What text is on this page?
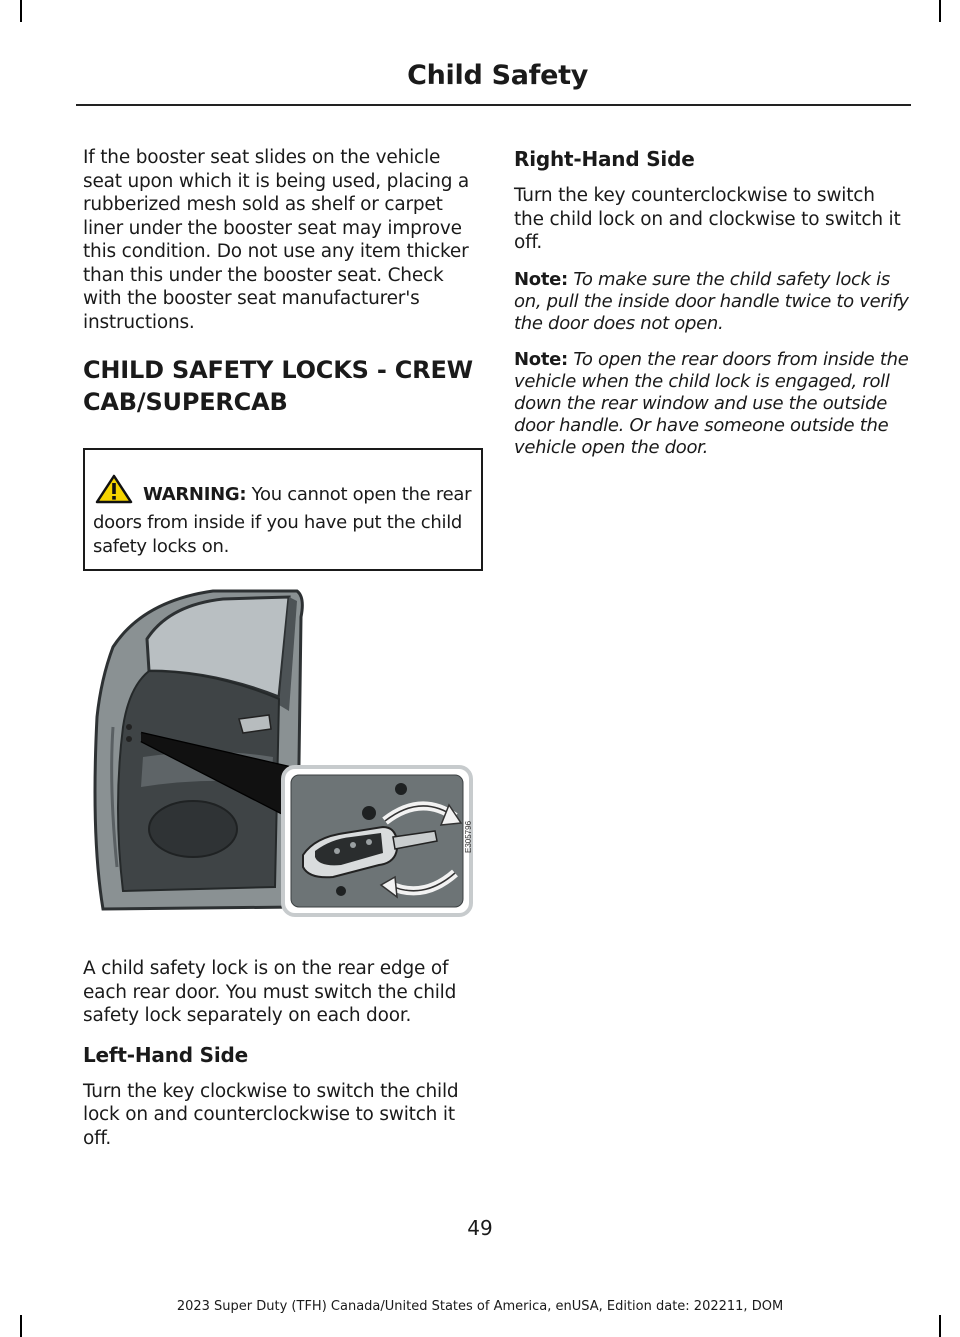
Child Safety

If the booster seat slides on the vehicle seat upon which it is being used, placing a rubberized mesh sold as shelf or carpet liner under the booster seat may improve this condition. Do not use any item thicker than this under the booster seat. Check with the booster seat manufacturer's instructions.

CHILD SAFETY LOCKS - CREW
CAB/SUPERCAB
WARNING: You cannot open the rear doors from inside if you have put the child safety locks on.
E305796

A child safety lock is on the rear edge of each rear door. You must switch the child safety lock separately on each door.

Left-Hand Side

Turn the key clockwise to switch the child lock on and counterclockwise to switch it off.

Right-Hand Side

Turn the key counterclockwise to switch the child lock on and clockwise to switch it off.

Note: To make sure the child safety lock is on, pull the inside door handle twice to verify the door does not open.

Note: To open the rear doors from inside the vehicle when the child lock is engaged, roll down the rear window and use the outside door handle. Or have someone outside the vehicle open the door.

49
2023 Super Duty (TFH) Canada/United States of America, enUSA, Edition date: 202211, DOM
